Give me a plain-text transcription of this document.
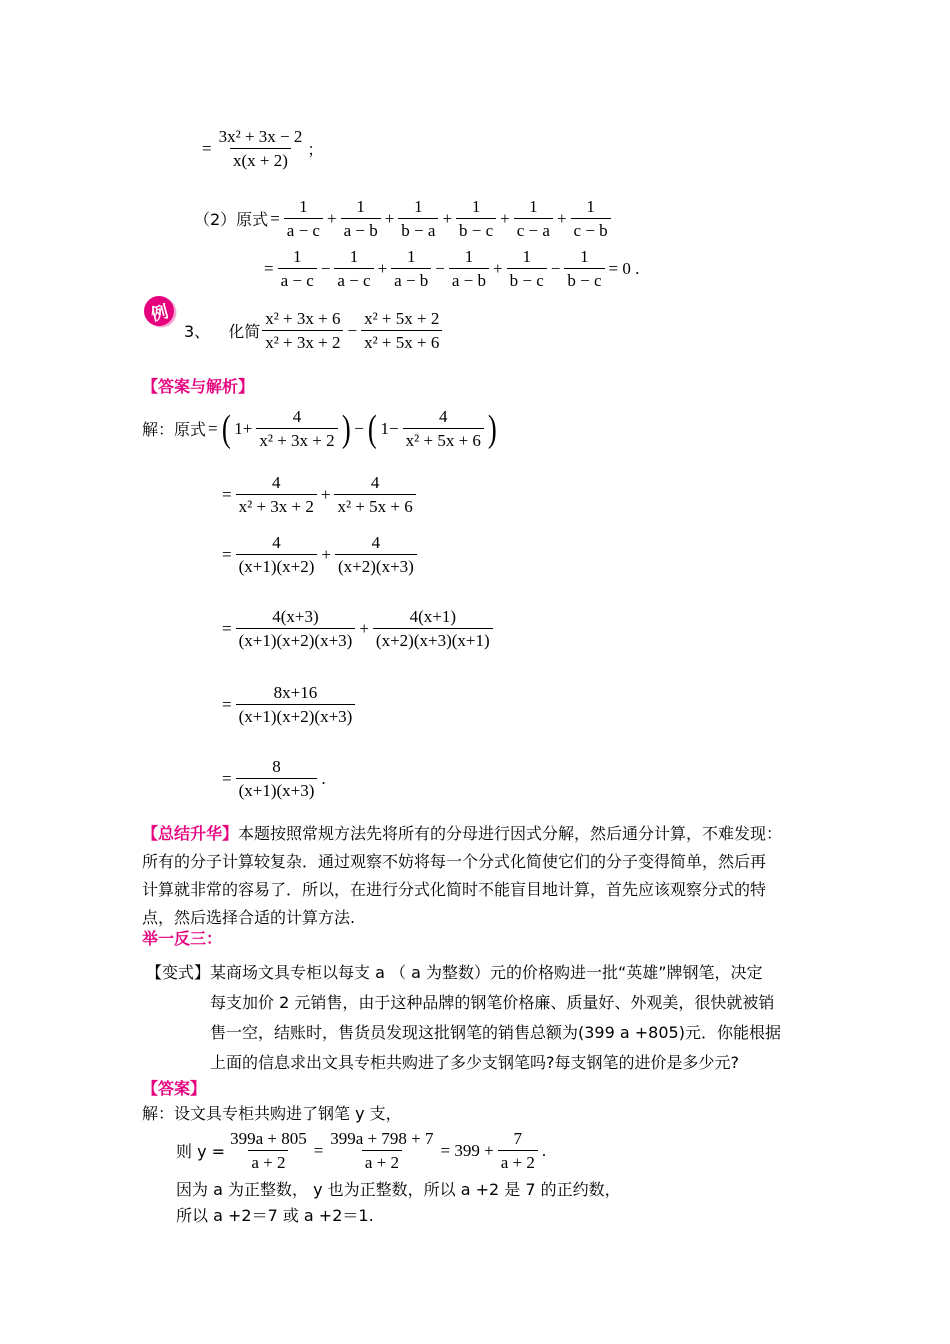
= $\frac{\text{3x² + 3x − 2}}{x(x + 2)}$ ；
（2）原式 = $\frac{1}{a - c} + \frac{1}{a - b} + \frac{1}{b - a} + \frac{1}{b - c} + \frac{1}{c - a} + \frac{1}{c - b}$
= $\frac{1}{a - c} - \frac{1}{a - c} + \frac{1}{a - b} - \frac{1}{a - b} + \frac{1}{b - c} - \frac{1}{b - c} = 0$ .
例
3、 化简 $\frac{\text{x² + 3x + 6}}{\text{x² + 3x + 2}} - \frac{\text{x² + 5x + 2}}{\text{x² + 5x + 6}}$
【答案与解析】
解：原式 = ( $1+ \frac{4}{\text{x² + 3x + 2}}$ ) − ( $1- \frac{4}{\text{x² + 5x + 6}}$ )
= $\frac{4}{\text{x² + 3x + 2}} + \frac{4}{\text{x² + 5x + 6}}$
= $\frac{4}{(x+1)(x+2)} + \frac{4}{(x+2)(x+3)}$
= $\frac{4(x+3)}{(x+1)(x+2)(x+3)} + \frac{4(x+1)}{(x+2)(x+3)(x+1)}$
= $\frac{8x+16}{(x+1)(x+2)(x+3)}$
= $\frac{8}{(x+1)(x+3)}$ .
【总结升华】本题按照常规方法先将所有的分母进行因式分解，然后通分计算，不难发现：
所有的分子计算较复杂．通过观察不妨将每一个分式化简使它们的分子变得简单，然后再
计算就非常的容易了．所以，在进行分式化简时不能盲目地计算，首先应该观察分式的特
点，然后选择合适的计算方法.
举一反三：
【变式】某商场文具专柜以每支 a （ a 为整数）元的价格购进一批“英雄”牌钢笔，决定
每支加价 2 元销售，由于这种品牌的钢笔价格廉、质量好、外观美，很快就被销
售一空，结账时，售货员发现这批钢笔的销售总额为(399 a +805)元．你能根据
上面的信息求出文具专柜共购进了多少支钢笔吗?每支钢笔的进价是多少元?
【答案】
解：设文具专柜共购进了钢笔 y 支，
则 $y = \frac{399a + 805}{a + 2} = \frac{399a + 798 + 7}{a + 2} = 399 + \frac{7}{a + 2}$ .
因为 a 为正整数， y 也为正整数，所以 a +2 是 7 的正约数，
所以 a +2＝7 或 a +2＝1.
